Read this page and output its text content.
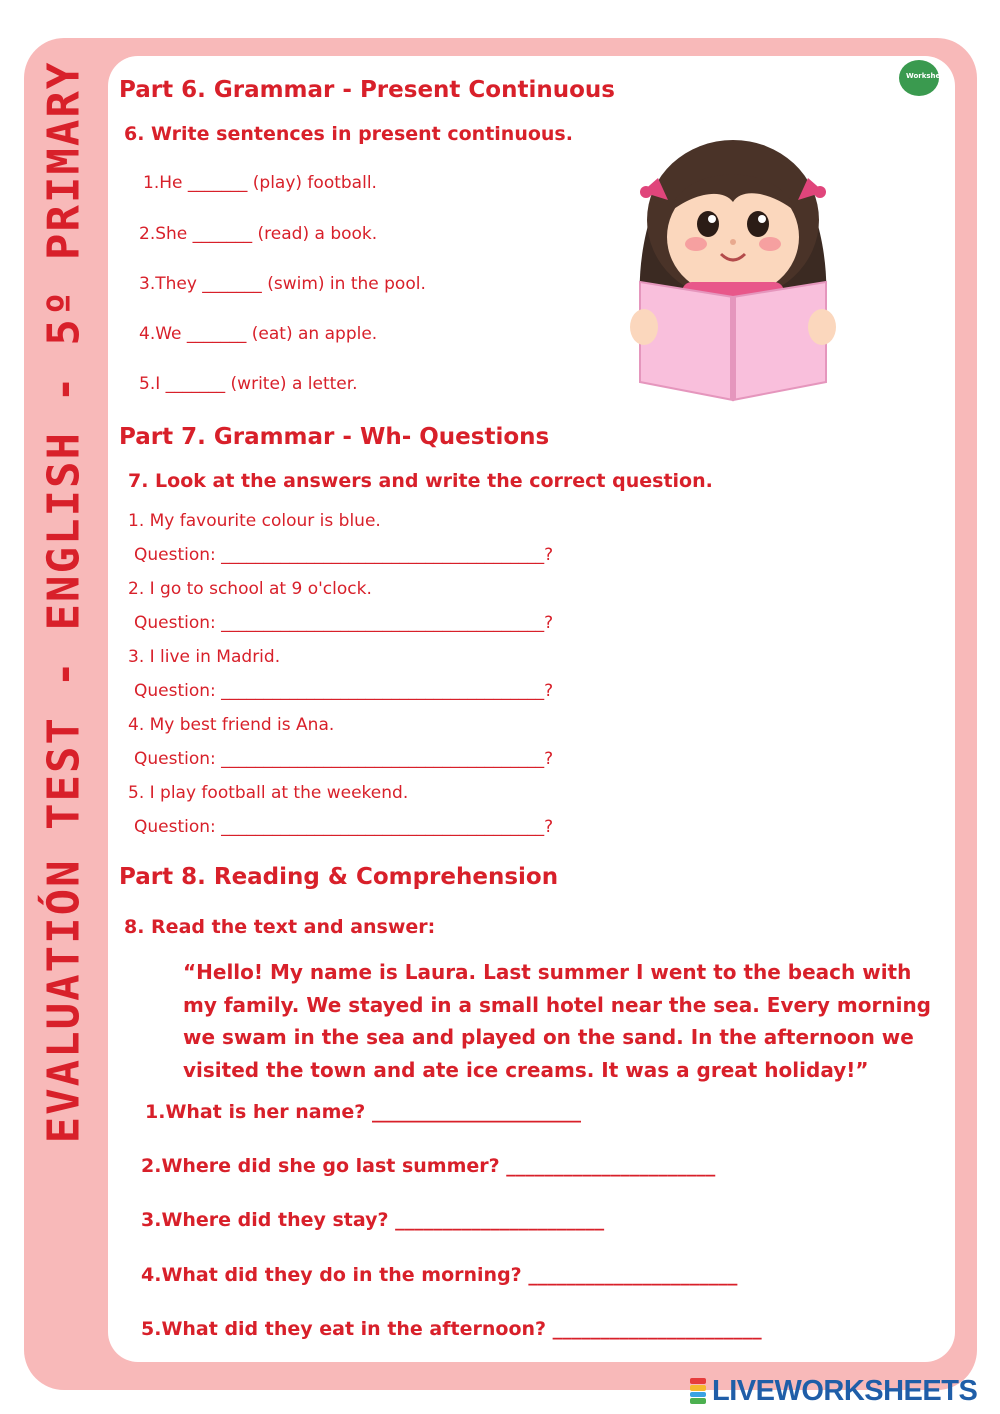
EVALUATIÓN TEST - ENGLISH - 5º PRIMARY	Worksheet
Part 6. Grammar - Present Continuous
6. Write sentences in present continuous.
1.He _______ (play) football.
2.She _______ (read) a book.
3.They _______ (swim) in the pool.
4.We _______ (eat) an apple.
5.I _______ (write) a letter.
Part 7. Grammar - Wh- Questions
7. Look at the answers and write the correct question.
1. My favourite colour is blue.
Question: ______________________________________?
2. I go to school at 9 o'clock.
Question: ______________________________________?
3. I live in Madrid.
Question: ______________________________________?
4. My best friend is Ana.
Question: ______________________________________?
5. I play football at the weekend.
Question: ______________________________________?
Part 8. Reading & Comprehension
8. Read the text and answer:
“Hello! My name is Laura. Last summer I went to the beach with
my family. We stayed in a small hotel near the sea. Every morning
we swam in the sea and played on the sand. In the afternoon we
visited the town and ate ice creams. It was a great holiday!”
1.What is her name? ______________________
2.Where did she go last summer? ______________________
3.Where did they stay? ______________________
4.What did they do in the morning? ______________________
5.What did they eat in the afternoon? ______________________
LIVEWORKSHEETS
